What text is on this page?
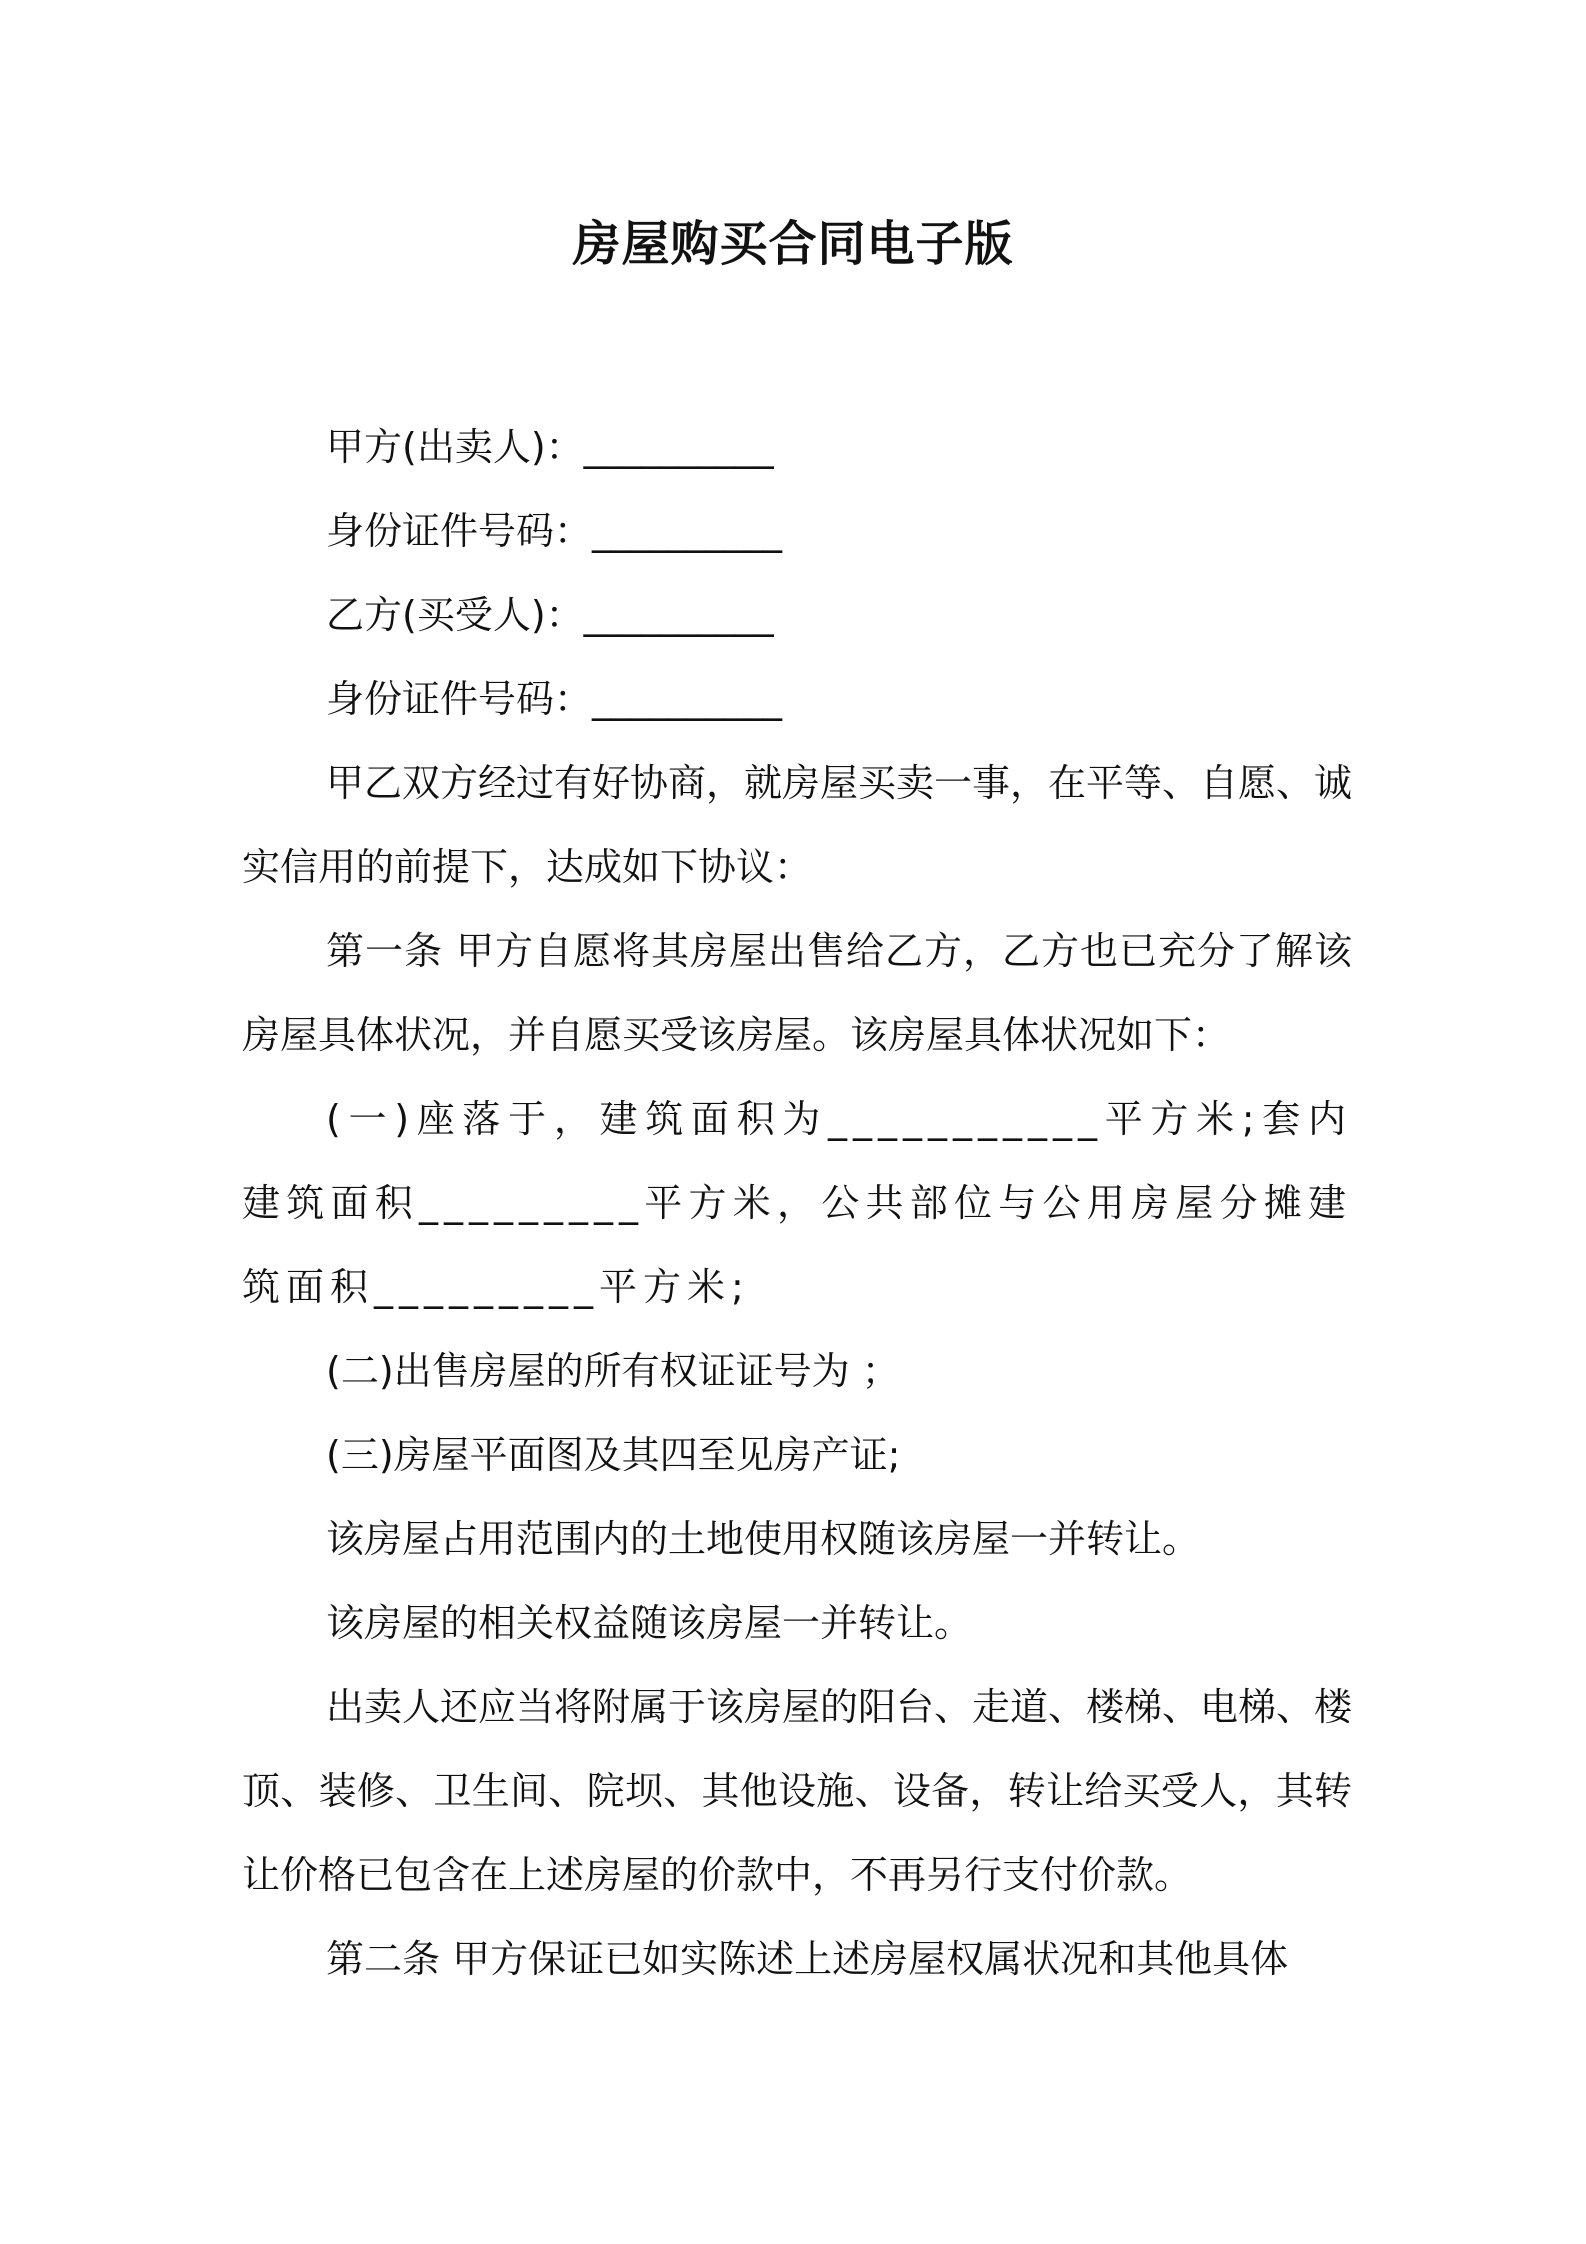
房屋购买合同电子版

甲方(出卖人)：__________

身份证件号码：__________

乙方(买受人)：__________

身份证件号码：__________

甲乙双方经过有好协商，就房屋买卖一事，在平等、自愿、诚实信用的前提下，达成如下协议：

第一条 甲方自愿将其房屋出售给乙方，乙方也已充分了解该房屋具体状况，并自愿买受该房屋。该房屋具体状况如下：

(一)座落于，建筑面积为___________平方米;套内建筑面积_________平方米，公共部位与公用房屋分摊建筑面积_________平方米;

(二)出售房屋的所有权证证号为 ；

(三)房屋平面图及其四至见房产证;

该房屋占用范围内的土地使用权随该房屋一并转让。

该房屋的相关权益随该房屋一并转让。

出卖人还应当将附属于该房屋的阳台、走道、楼梯、电梯、楼顶、装修、卫生间、院坝、其他设施、设备，转让给买受人，其转让价格已包含在上述房屋的价款中，不再另行支付价款。

第二条 甲方保证已如实陈述上述房屋权属状况和其他具体
